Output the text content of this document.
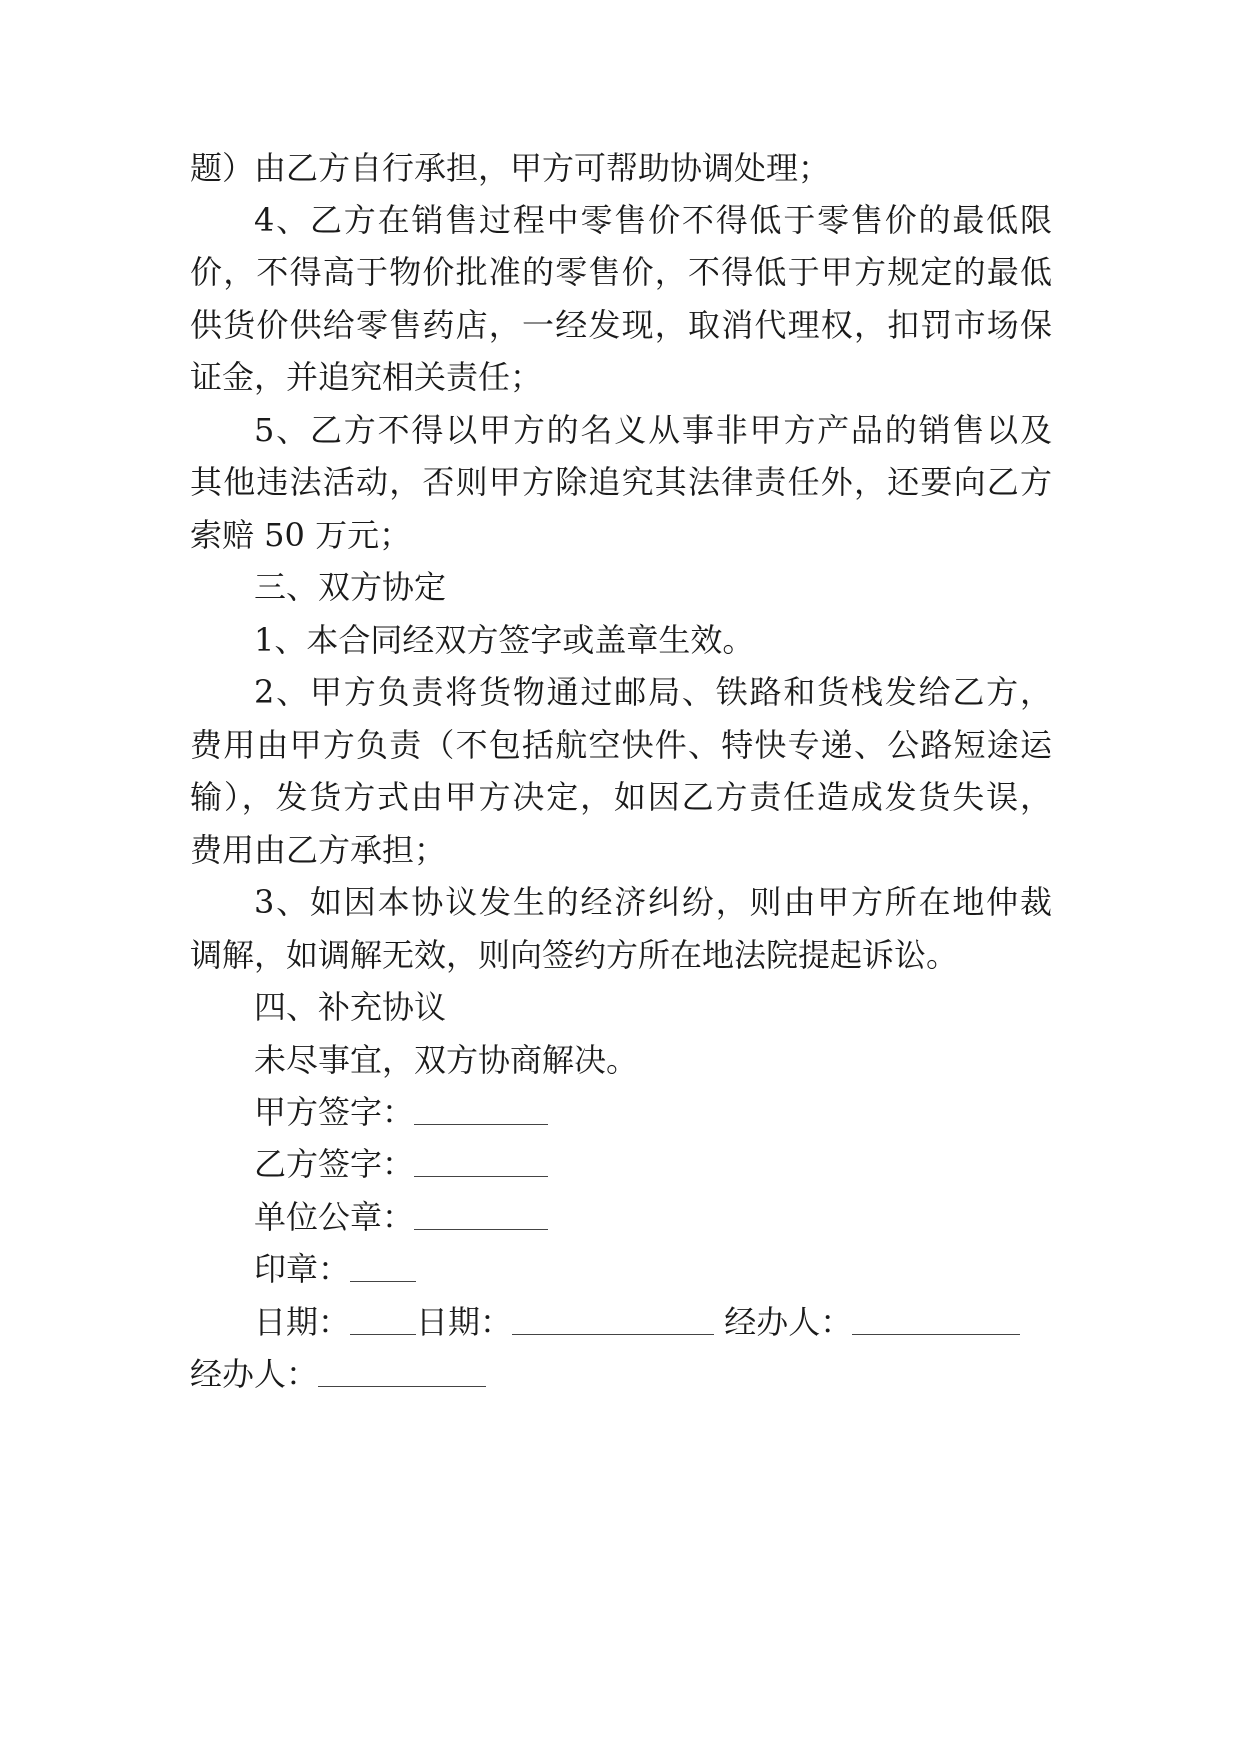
题）由乙方自行承担，甲方可帮助协调处理；
4、乙方在销售过程中零售价不得低于零售价的最低限
价，不得高于物价批准的零售价，不得低于甲方规定的最低
供货价供给零售药店，一经发现，取消代理权，扣罚市场保
证金，并追究相关责任；
5、乙方不得以甲方的名义从事非甲方产品的销售以及
其他违法活动，否则甲方除追究其法律责任外，还要向乙方
索赔 50 万元；
三、双方协定
1、本合同经双方签字或盖章生效。
2、甲方负责将货物通过邮局、铁路和货栈发给乙方，
费用由甲方负责（不包括航空快件、特快专递、公路短途运
输），发货方式由甲方决定，如因乙方责任造成发货失误，
费用由乙方承担；
3、如因本协议发生的经济纠纷，则由甲方所在地仲裁
调解，如调解无效，则向签约方所在地法院提起诉讼。
四、补充协议
未尽事宜，双方协商解决。
甲方签字：
乙方签字：
单位公章：
印章：
日期： 日期：	经办人：
经办人：
